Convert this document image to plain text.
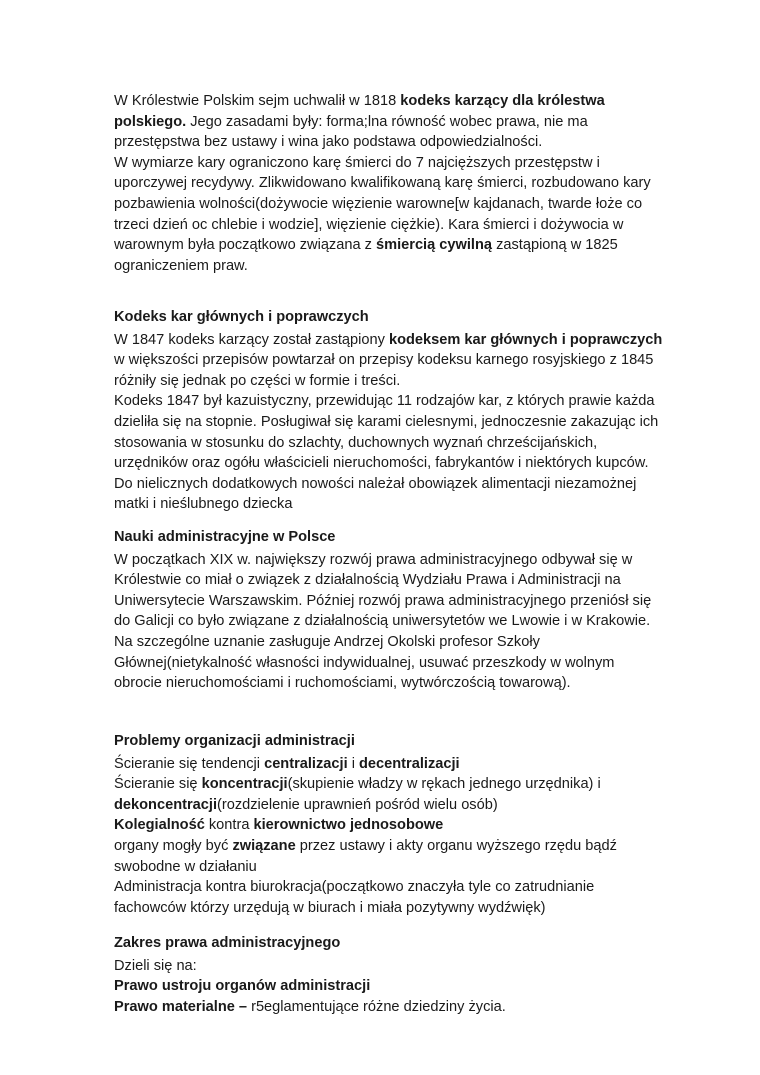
W Królestwie Polskim sejm uchwalił w 1818 kodeks karzący dla królestwa

polskiego. Jego zasadami były: forma;lna równość wobec prawa, nie ma

przestępstwa bez ustawy i wina jako podstawa odpowiedzialności.

W wymiarze kary ograniczono karę śmierci do 7 najcięższych przestępstw i

uporczywej recydywy. Zlikwidowano kwalifikowaną karę śmierci, rozbudowano kary

pozbawienia wolności(dożywocie więzienie warowne[w kajdanach, twarde łoże co

trzeci dzień oc chlebie i wodzie], więzienie ciężkie). Kara śmierci i dożywocia w

warownym była początkowo związana z śmiercią cywilną zastąpioną w 1825

ograniczeniem praw.

Kodeks kar głównych i poprawczych

W 1847 kodeks karzący został zastąpiony kodeksem kar głównych i poprawczych

w większości przepisów powtarzał on przepisy kodeksu karnego rosyjskiego z 1845

różniły się jednak po części w formie i treści.

Kodeks 1847 był kazuistyczny, przewidując 11 rodzajów kar, z których prawie każda

dzieliła się na stopnie. Posługiwał się karami cielesnymi, jednoczesnie zakazując ich

stosowania w stosunku do szlachty, duchownych wyznań chrześcijańskich,

urzędników oraz ogółu właścicieli nieruchomości, fabrykantów i niektórych kupców.

Do nielicznych dodatkowych nowości należał obowiązek alimentacji niezamożnej

matki i nieślubnego dziecka

Nauki administracyjne w Polsce

W początkach XIX w. największy rozwój prawa administracyjnego odbywał się w

Królestwie co miał o związek z działalnością Wydziału Prawa i Administracji na

Uniwersytecie Warszawskim. Później rozwój prawa administracyjnego przeniósł się

do Galicji co było związane z działalnością uniwersytetów we Lwowie i w Krakowie.

Na szczególne uznanie zasługuje Andrzej Okolski profesor Szkoły

Głównej(nietykalność własności indywidualnej, usuwać przeszkody w wolnym

obrocie nieruchomościami i ruchomościami, wytwórczością towarową).

Problemy organizacji administracji

Ścieranie się tendencji centralizacji i decentralizacji

Ścieranie się koncentracji(skupienie władzy w rękach jednego urzędnika) i

dekoncentracji(rozdzielenie uprawnień pośród wielu osób)

Kolegialność kontra kierownictwo jednosobowe

organy mogły być związane przez ustawy i akty organu wyższego rzędu bądź

swobodne w działaniu

Administracja kontra biurokracja(początkowo znaczyła tyle co zatrudnianie

fachowców którzy urzędują w biurach i miała pozytywny wydźwięk)

Zakres prawa administracyjnego

Dzieli się na:

Prawo ustroju organów administracji

Prawo materialne – r5eglamentujące różne dziedziny życia.
